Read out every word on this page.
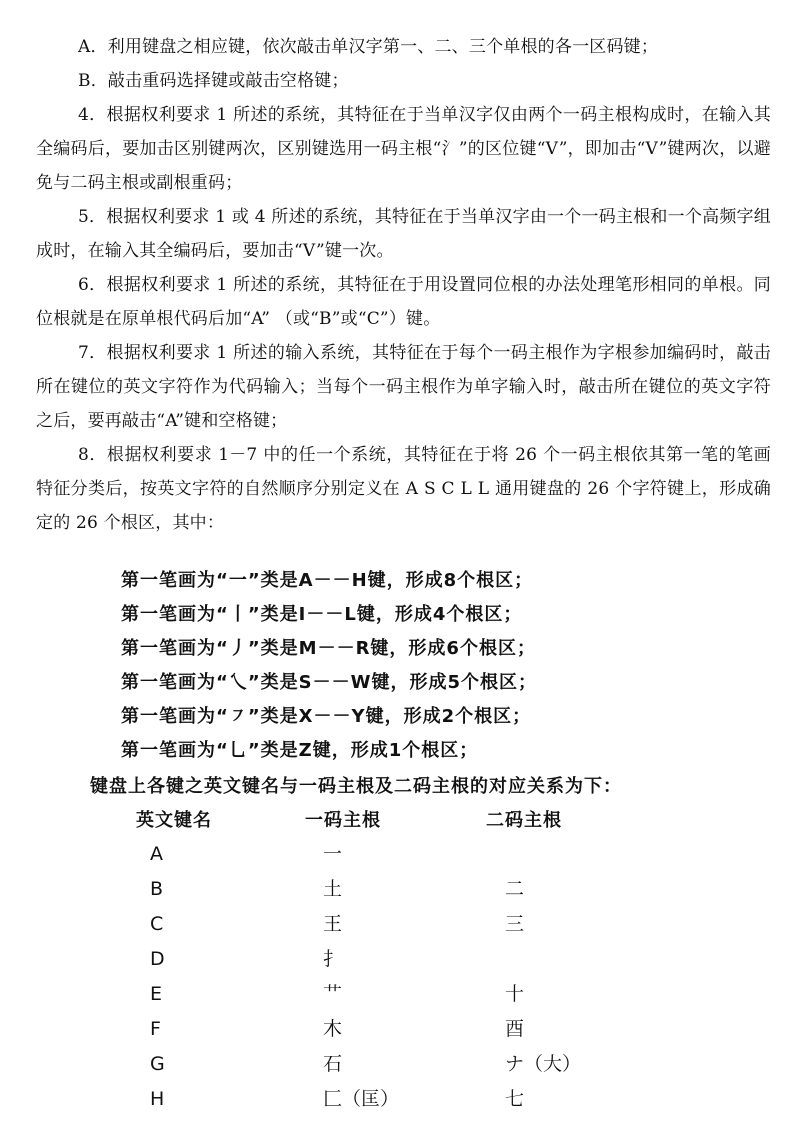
A．利用键盘之相应键，依次敲击单汉字第一、二、三个单根的各一区码键；
B．敲击重码选择键或敲击空格键；
4．根据权利要求 1 所述的系统，其特征在于当单汉字仅由两个一码主根构成时，在输入其全编码后，要加击区别键两次，区别键选用一码主根“氵”的区位键“V”，即加击“V”键两次，以避免与二码主根或副根重码；
5．根据权利要求 1 或 4 所述的系统，其特征在于当单汉字由一个一码主根和一个高频字组成时，在输入其全编码后，要加击“V”键一次。
6．根据权利要求 1 所述的系统，其特征在于用设置同位根的办法处理笔形相同的单根。同位根就是在原单根代码后加“A” （或“B”或“C”）键。
7．根据权利要求 1 所述的输入系统，其特征在于每个一码主根作为字根参加编码时，敲击所在键位的英文字符作为代码输入；当每个一码主根作为单字输入时，敲击所在键位的英文字符之后，要再敲击“A”键和空格键；
8．根据权利要求 1－7 中的任一个系统，其特征在于将 26 个一码主根依其第一笔的笔画特征分类后，按英文字符的自然顺序分别定义在 A S C L L 通用键盘的 26 个字符键上，形成确定的 26 个根区，其中：
第一笔画为“一”类是A－－H键，形成8个根区；
第一笔画为“丨”类是I－－L键，形成4个根区；
第一笔画为“丿”类是M－－R键，形成6个根区；
第一笔画为“乀”类是S－－W键，形成5个根区；
第一笔画为“㇇”类是X－－Y键，形成2个根区；
第一笔画为“乚”类是Z键，形成1个根区；
键盘上各键之英文键名与一码主根及二码主根的对应关系为下：
英文键名	一码主根	二码主根
A	一
B	土	二
C	王	三
D	扌
E	艹	十
F	木	酉
G	石	ナ（大）
H	匚（匡）	七
